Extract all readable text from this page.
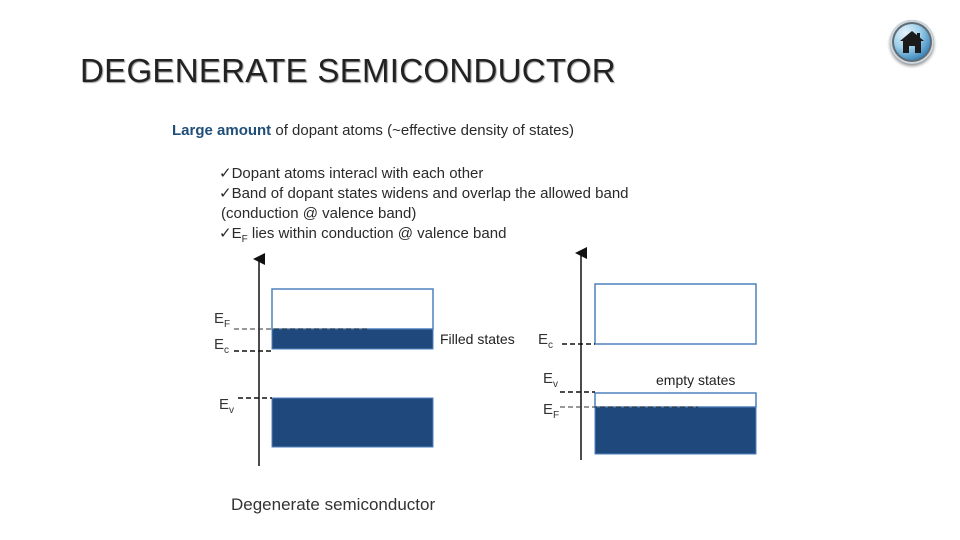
DEGENERATE SEMICONDUCTOR
Large amount of dopant atoms (~effective density of states)
✓Dopant atoms interacl with each other
✓Band of dopant states widens and overlap the allowed band
(conduction @ valence band)
$✓E_F$ lies within conduction @ valence band
$E_F$
$E_c$
$E_v$
Filled states $E_c$
$E_v$
$E_F$
empty states
Degenerate semiconductor
